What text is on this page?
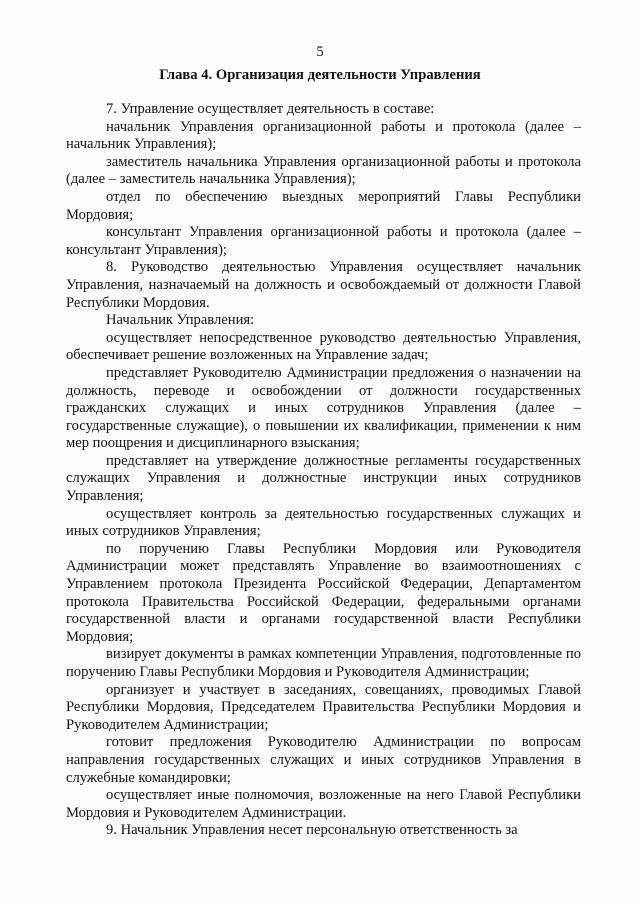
5
Глава 4. Организация деятельности Управления

7. Управление осуществляет деятельность в составе:

начальник Управления организационной работы и протокола (далее – начальник Управления);

заместитель начальника Управления организационной работы и протокола (далее – заместитель начальника Управления);

отдел по обеспечению выездных мероприятий Главы Республики Мордовия;

консультант Управления организационной работы и протокола (далее – консультант Управления);

8. Руководство деятельностью Управления осуществляет начальник Управления, назначаемый на должность и освобождаемый от должности Главой Республики Мордовия.

Начальник Управления:

осуществляет непосредственное руководство деятельностью Управления, обеспечивает решение возложенных на Управление задач;

представляет Руководителю Администрации предложения о назначении на должность, переводе и освобождении от должности государственных гражданских служащих и иных сотрудников Управления (далее – государственные служащие), о повышении их квалификации, применении к ним мер поощрения и дисциплинарного взыскания;

представляет на утверждение должностные регламенты государственных служащих Управления и должностные инструкции иных сотрудников Управления;

осуществляет контроль за деятельностью государственных служащих и иных сотрудников Управления;

по поручению Главы Республики Мордовия или Руководителя Администрации может представлять Управление во взаимоотношениях с Управлением протокола Президента Российской Федерации, Департаментом протокола Правительства Российской Федерации, федеральными органами государственной власти и органами государственной власти Республики Мордовия;

визирует документы в рамках компетенции Управления, подготовленные по поручению Главы Республики Мордовия и Руководителя Администрации;

организует и участвует в заседаниях, совещаниях, проводимых Главой Республики Мордовия, Председателем Правительства Республики Мордовия и Руководителем Администрации;

готовит предложения Руководителю Администрации по вопросам направления государственных служащих и иных сотрудников Управления в служебные командировки;

осуществляет иные полномочия, возложенные на него Главой Республики Мордовия и Руководителем Администрации.

9. Начальник Управления несет персональную ответственность за
